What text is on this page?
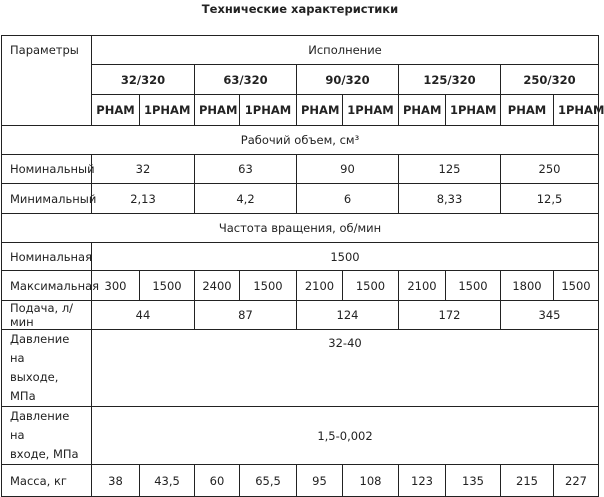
Технические характеристики
Параметры	Исполнение									
	32/320		63/320		90/320		125/320		250/320	
	РНАМ	1РНАМ	РНАМ	1РНАМ	РНАМ	1РНАМ	РНАМ	1РНАМ	РНАМ	1РНАМ
Рабочий объем, см³										
Номинальный	32		63		90		125		250	
Минимальный	2,13		4,2		6		8,33		12,5	
Частота вращения, об/мин										
Номинальная	1500									
Максимальная	300	1500	2400	1500	2100	1500	2100	1500	1800	1500
Подача, л/мин	44		87		124		172		345	
Давление на
выходе, МПа	32-40									
Давление на
входе, МПа	1,5-0,002									
Масса, кг	38	43,5	60	65,5	95	108	123	135	215	227
